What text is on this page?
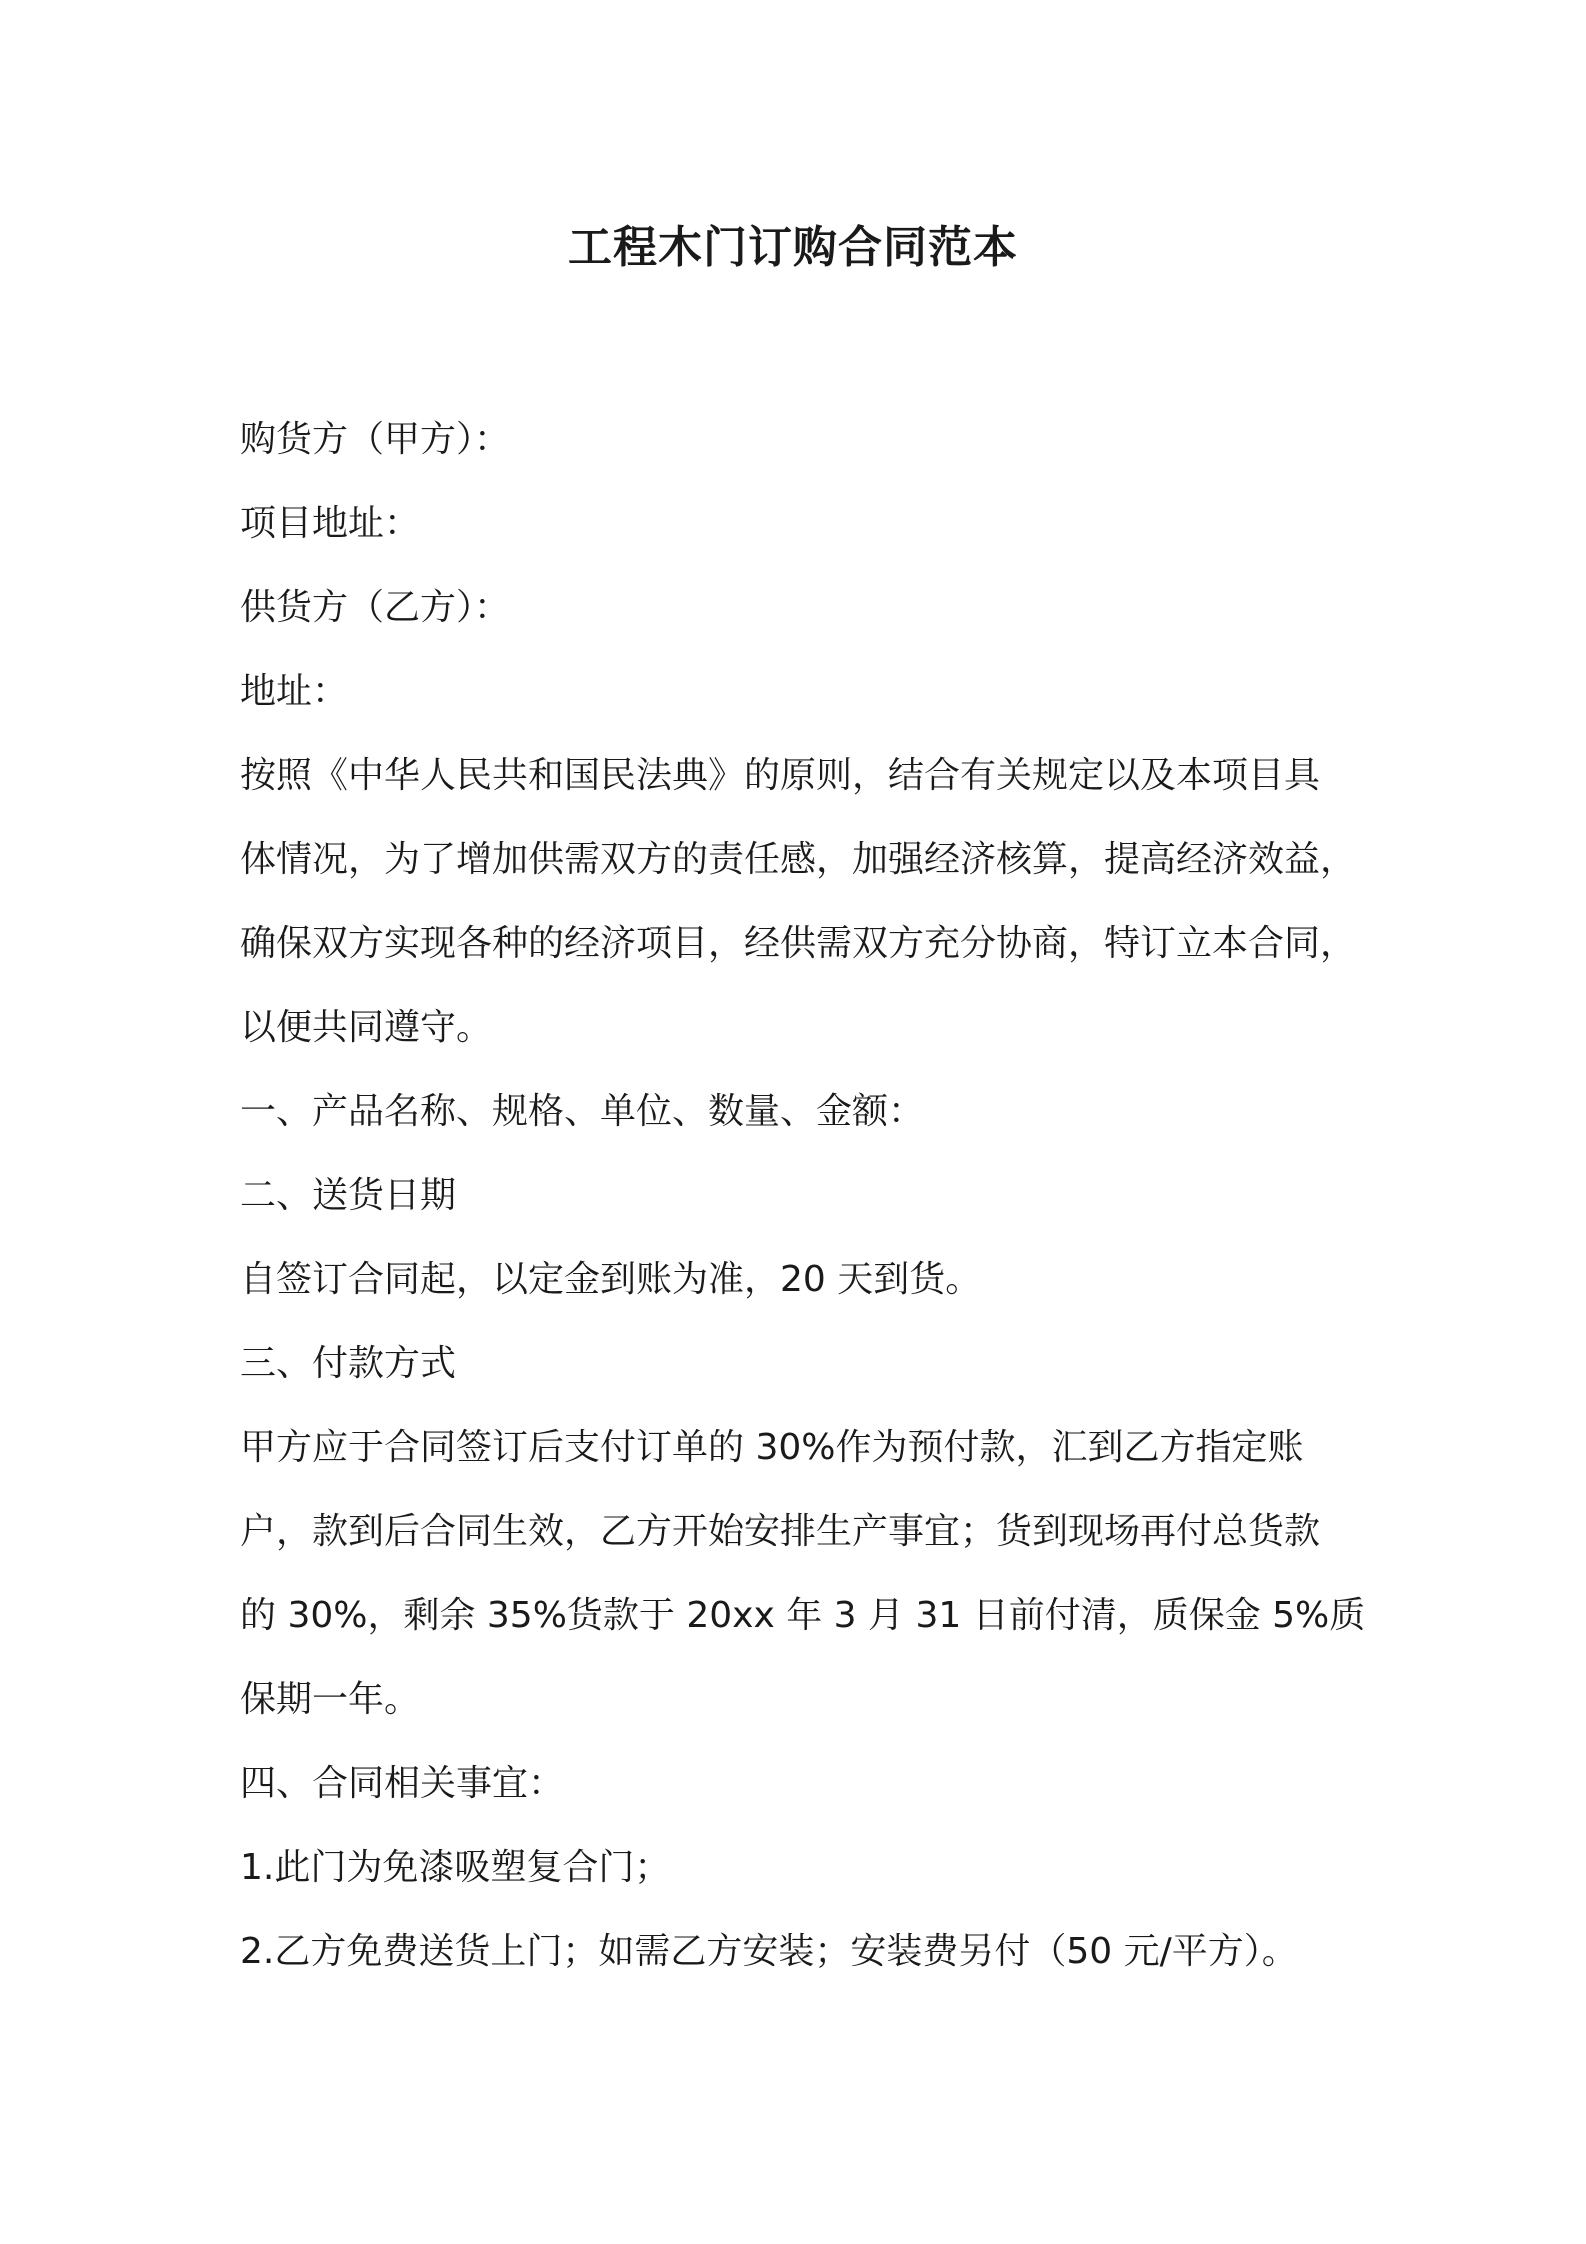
工程木门订购合同范本
购货方（甲方）：
项目地址：
供货方（乙方）：
地址：
按照《中华人民共和国民法典》的原则，结合有关规定以及本项目具
体情况，为了增加供需双方的责任感，加强经济核算，提高经济效益，
确保双方实现各种的经济项目，经供需双方充分协商，特订立本合同，
以便共同遵守。
一、产品名称、规格、单位、数量、金额：
二、送货日期
自签订合同起，以定金到账为准，20 天到货。
三、付款方式
甲方应于合同签订后支付订单的 30%作为预付款，汇到乙方指定账
户，款到后合同生效，乙方开始安排生产事宜；货到现场再付总货款
的 30%，剩余 35%货款于 20xx 年 3 月 31 日前付清，质保金 5%质
保期一年。
四、合同相关事宜：
1.此门为免漆吸塑复合门；
2.乙方免费送货上门；如需乙方安装；安装费另付（50 元/平方）。
